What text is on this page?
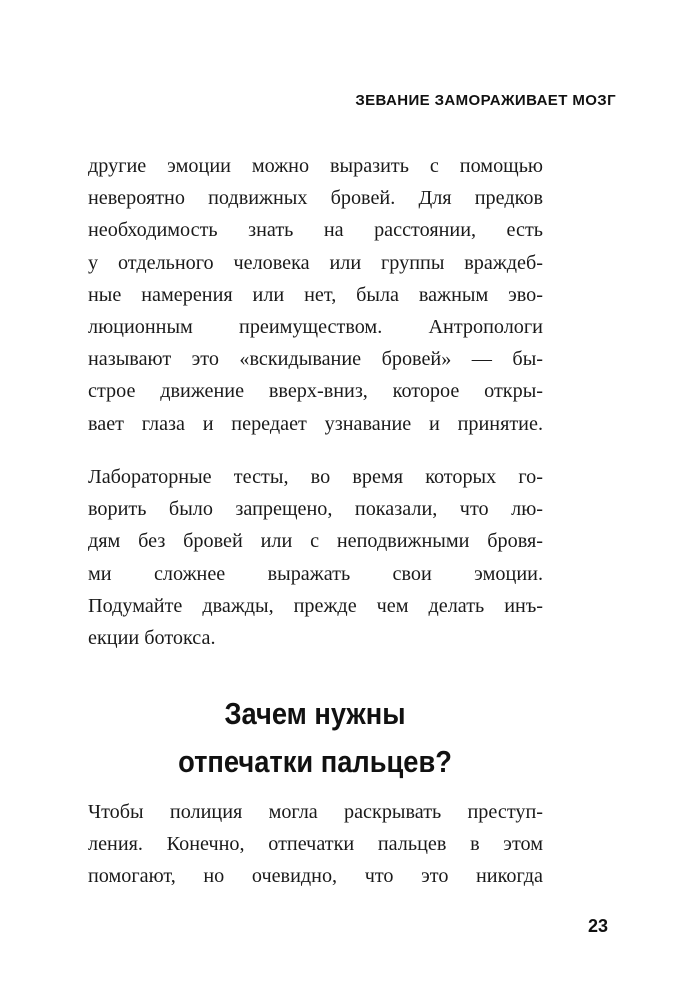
ЗЕВАНИЕ ЗАМОРАЖИВАЕТ МОЗГ
другие эмоции можно выразить с помощью
невероятно подвижных бровей. Для предков
необходимость знать на расстоянии, есть
у отдельного человека или группы враждеб-
ные намерения или нет, была важным эво-
люционным преимуществом. Антропологи
называют это «вскидывание бровей» — бы-
строе движение вверх-вниз, которое откры-
вает глаза и передает узнавание и принятие.
Лабораторные тесты, во время которых го-
ворить было запрещено, показали, что лю-
дям без бровей или с неподвижными бровя-
ми сложнее выражать свои эмоции.
Подумайте дважды, прежде чем делать инъ-
екции ботокса.
Зачем нужны
отпечатки пальцев?
Чтобы полиция могла раскрывать преступ-
ления. Конечно, отпечатки пальцев в этом
помогают, но очевидно, что это никогда
23
